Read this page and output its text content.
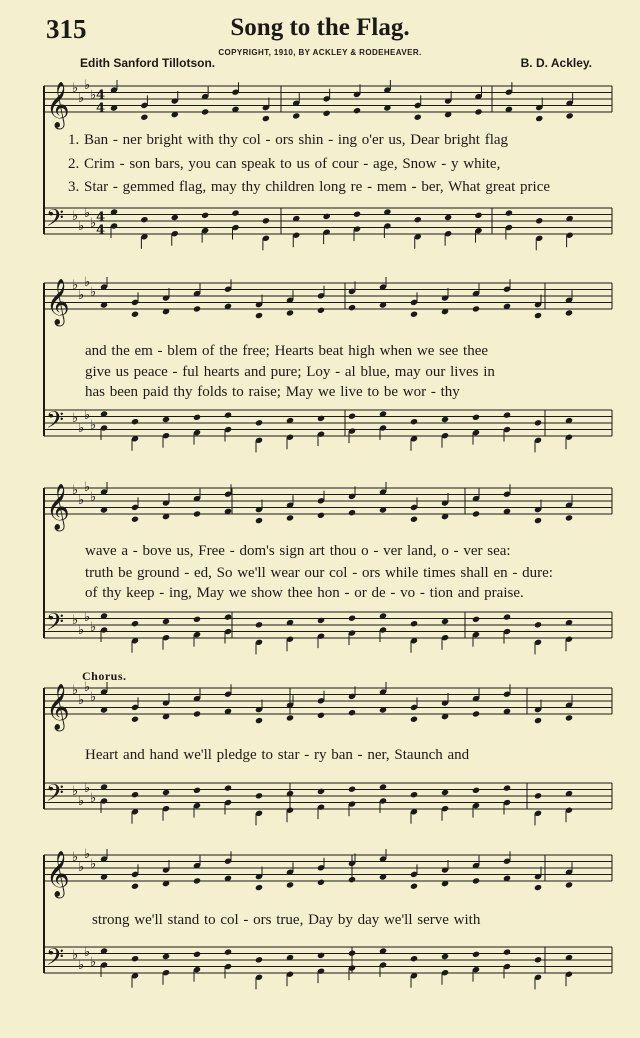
315	Song to the Flag.
COPYRIGHT, 1910, BY ACKLEY & RODEHEAVER.
Edith Sanford Tillotson.	B. D. Ackley.
Chorus.
1. Ban - ner bright with thy col - ors shin - ing o'er us, Dear bright flag
2. Crim - son bars, you can speak to us of cour - age, Snow - y white,
3. Star - gemmed flag, may thy children long re - mem - ber, What great price
and the em - blem of the free; Hearts beat high when we see thee
give us peace - ful hearts and pure; Loy - al blue, may our lives in
has been paid thy folds to raise; May we live to be wor - thy
wave a - bove us, Free - dom's sign art thou o - ver land, o - ver sea:
truth be ground - ed, So we'll wear our col - ors while times shall en - dure:
of thy keep - ing, May we show thee hon - or de - vo - tion and praise.
Heart and hand we'll pledge to star - ry ban - ner, Staunch and
strong we'll stand to col - ors true, Day by day we'll serve with
𝄞 ♭
♭
♭
♭ 4
4
𝄢 ♭
♭
♭
♭ 4
4
𝄞 ♭
♭
♭
♭
𝄢 ♭
♭
♭
♭
𝄞 ♭
♭
♭
♭
𝄢 ♭
♭
♭
♭
𝄞 ♭
♭
♭
♭
𝄢 ♭
♭
♭
♭
𝄞 ♭
♭
♭
♭
𝄢 ♭
♭
♭
♭
